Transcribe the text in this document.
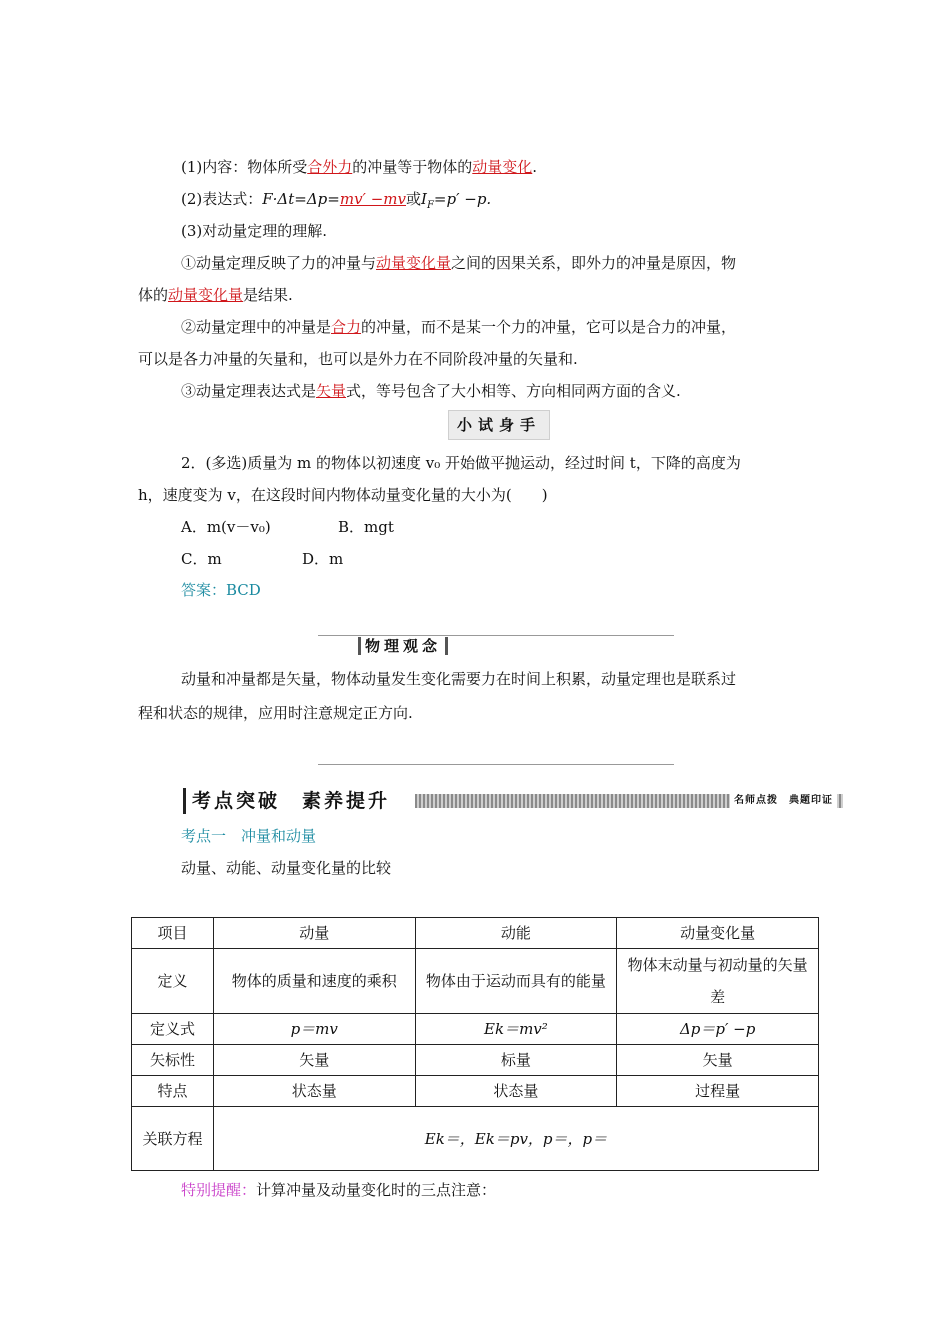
(1)内容：物体所受合外力的冲量等于物体的动量变化.
(2)表达式：F·Δt=Δp=mv′ −mv或$I_F=p' -p$.
(3)对动量定理的理解.
①动量定理反映了力的冲量与动量变化量之间的因果关系，即外力的冲量是原因，物
体的动量变化量是结果.
②动量定理中的冲量是合力的冲量，而不是某一个力的冲量，它可以是合力的冲量，
可以是各力冲量的矢量和，也可以是外力在不同阶段冲量的矢量和.
③动量定理表达式是矢量式，等号包含了大小相等、方向相同两方面的含义.
小试身手
2．(多选)质量为 m 的物体以初速度 v₀ 开始做平抛运动，经过时间 t，下降的高度为
h，速度变为 v，在这段时间内物体动量变化量的大小为(　　)
A．m(v－v₀)	B．mgt
C．m	D．m
答案：BCD
物理观念
动量和冲量都是矢量，物体动量发生变化需要力在时间上积累，动量定理也是联系过
程和状态的规律，应用时注意规定正方向.
考点突破　素养提升	名师点拨　典题印证
考点一　冲量和动量
动量、动能、动量变化量的比较
项目	动量	动能	动量变化量
定义	物体的质量和速度的乘积	物体由于运动而具有的能量	物体末动量与初动量的矢量差
定义式	p＝mv	Ek＝mv²	Δp＝p′ −p
矢标性	矢量	标量	矢量
特点	状态量	状态量	过程量
关联方程	Ek＝，Ek＝pv，p＝，p＝		
特别提醒：计算冲量及动量变化时的三点注意：
